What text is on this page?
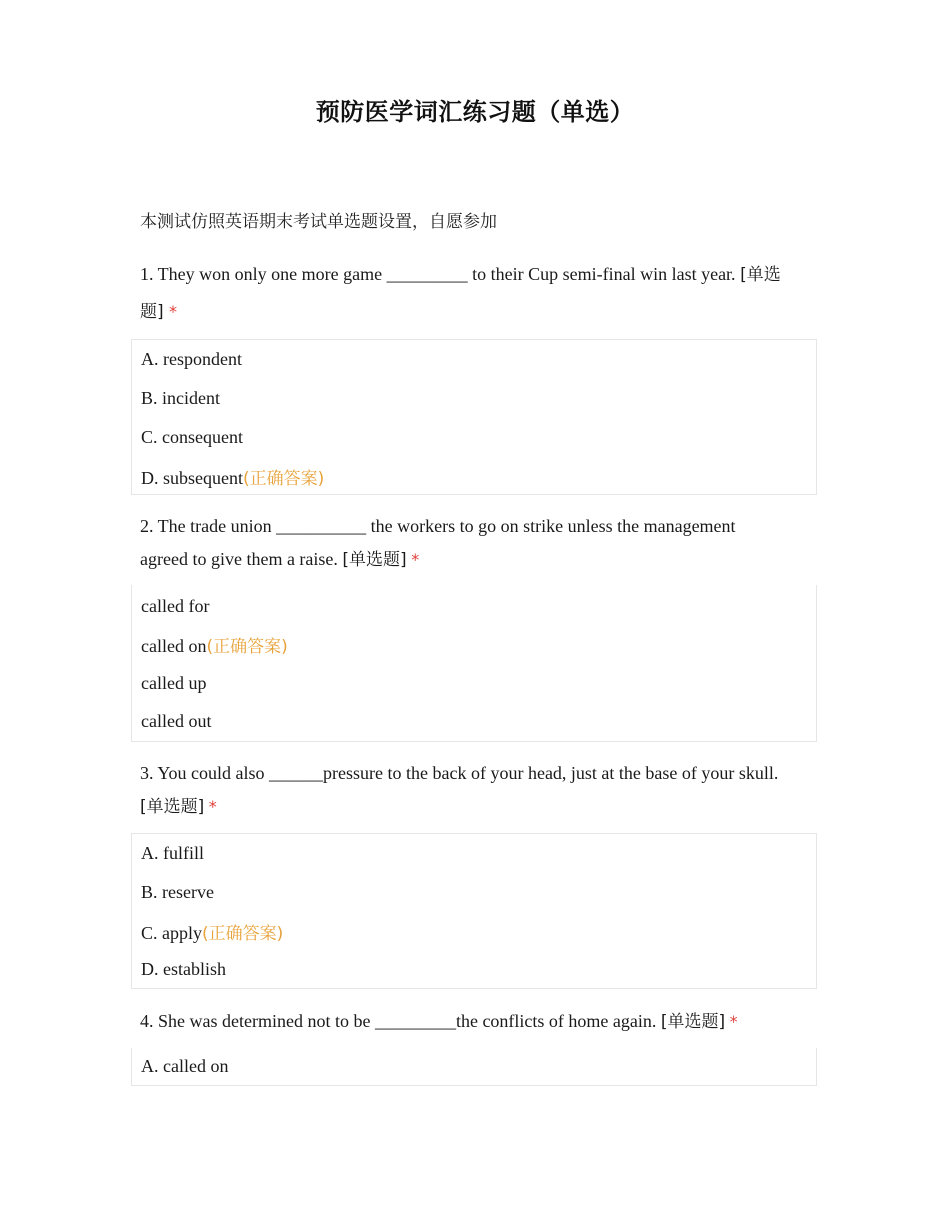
预防医学词汇练习题（单选）
本测试仿照英语期末考试单选题设置，自愿参加
1. They won only one more game _________ to their Cup semi-final win last year. [单选
题] *
A. respondent
B. incident
C. consequent
D. subsequent(正确答案)
2. The trade union __________ the workers to go on strike unless the management
agreed to give them a raise. [单选题] *
called for
called on(正确答案)
called up
called out
3. You could also ______pressure to the back of your head, just at the base of your skull.
[单选题] *
A. fulfill
B. reserve
C. apply(正确答案)
D. establish
4. She was determined not to be _________the conflicts of home again. [单选题] *
A. called on
